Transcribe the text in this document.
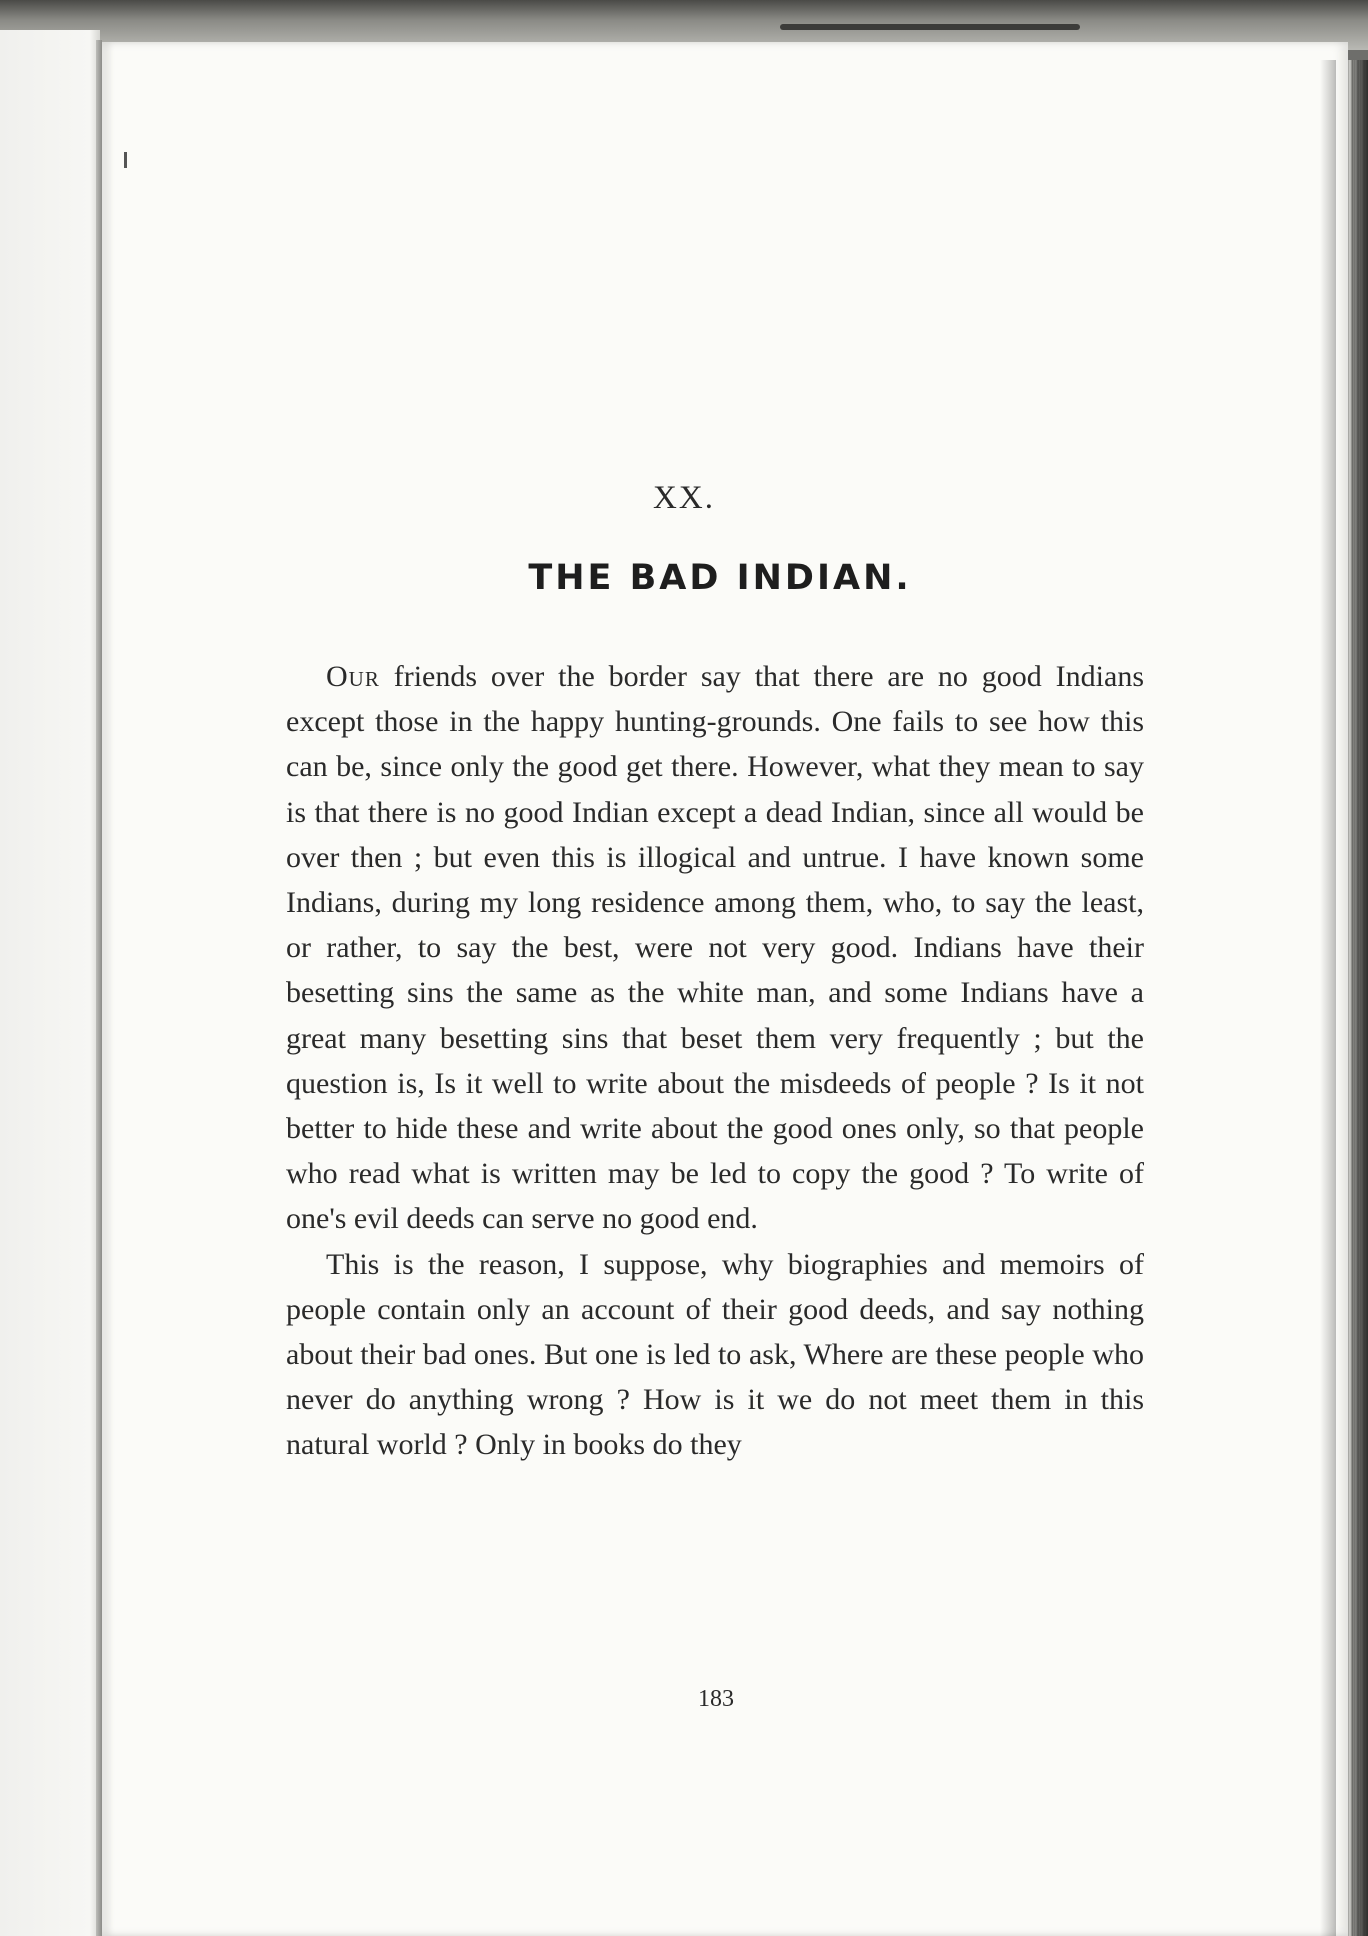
XX.
THE BAD INDIAN.

Our friends over the border say that there are no good Indians except those in the happy hunting-grounds. One fails to see how this can be, since only the good get there. However, what they mean to say is that there is no good Indian except a dead Indian, since all would be over then ; but even this is illogical and untrue. I have known some Indians, during my long residence among them, who, to say the least, or rather, to say the best, were not very good. Indians have their besetting sins the same as the white man, and some Indians have a great many besetting sins that beset them very frequently ; but the question is, Is it well to write about the misdeeds of people ? Is it not better to hide these and write about the good ones only, so that people who read what is written may be led to copy the good ? To write of one's evil deeds can serve no good end.

This is the reason, I suppose, why biographies and memoirs of people contain only an account of their good deeds, and say nothing about their bad ones. But one is led to ask, Where are these people who never do anything wrong ? How is it we do not meet them in this natural world ? Only in books do they

183
